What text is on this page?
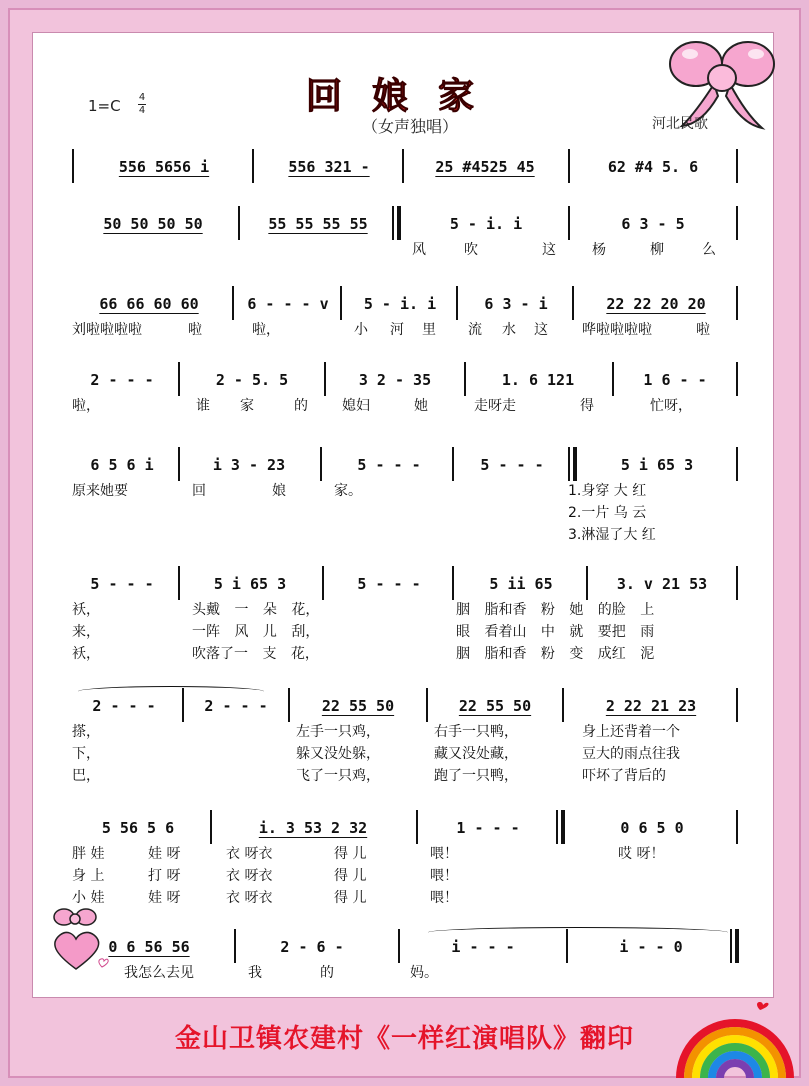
回娘家
（女声独唱）
1=C 4
4
河北民歌
556 5656 i	556 321 -	25 #4525 45	62 #4 5. 6
50 50 50 50	55 55 55 55	5 - i. i	6 3 - 5
风	吹	这	杨	柳	么
66 66 60 60	6 - - - v	5 - i. i	6 3 - i	22 22 20 20
刘啦啦啦啦	啦	啦，	小 河 里 流 水 这 哗啦啦啦啦	啦
2 - - -	2 - 5. 5	3 2 - 35	1. 6 121	1 6 - -
啦，	谁 家	的 媳妇	她	走呀走	得	忙呀，
6 5 6 i	i 3 - 23	5 - - -	5 - - -	5 i 65 3
原来她要	回	娘	家。	1.身穿 大 红
2.一片 乌 云
3.淋湿了大 红
5 - - -	5 i 65 3	5 - - -	5 ii 65	3. v 21 53
袄，	头戴 一 朵 花，	胭 脂和香 粉 她 的脸 上
来，	一阵 风 儿 刮，	眼 看着山 中 就 要把 雨
袄，	吹落了一 支 花，	胭 脂和香 粉 变 成红 泥
2 - - -	2 - - -	22 55 50	22 55 50	2 22 21 23
搽，	左手一只鸡，	右手一只鸭，	身上还背着一个
下，	躲又没处躲，	藏又没处藏，	豆大的雨点往我
巴，	飞了一只鸡，	跑了一只鸭，	吓坏了背后的
5 56 5 6	i. 3 53 2 32	1 - - -	0 6 5 0
胖 娃	娃 呀	衣 呀衣	得 儿	喂！	哎 呀！
身 上	打 呀	衣 呀衣	得 儿	喂！
小 娃	娃 呀	衣 呀衣	得 儿	喂！
0 6 56 56	2 - 6 -	i - - -	i - - 0
我怎么去见	我	的	妈。
金山卫镇农建村《一样红演唱队》翻印
